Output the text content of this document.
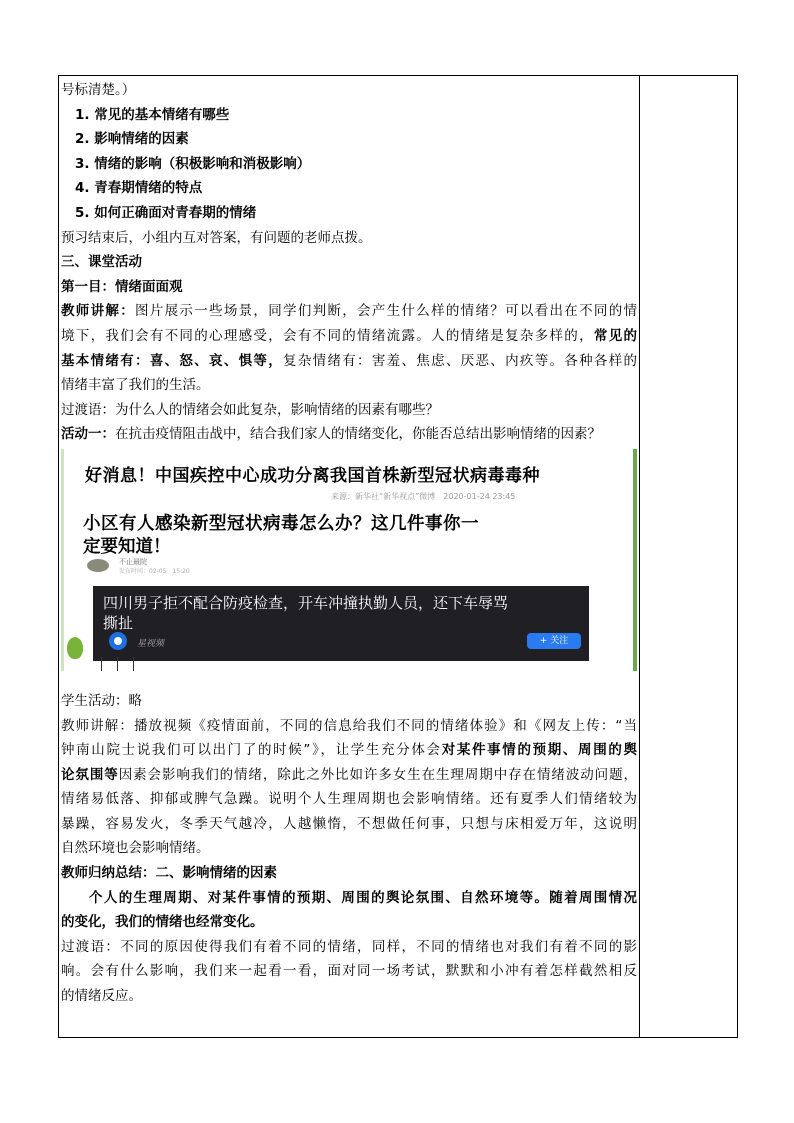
号标清楚。）
1. 常见的基本情绪有哪些
2. 影响情绪的因素
3. 情绪的影响（积极影响和消极影响）
4. 青春期情绪的特点
5. 如何正确面对青春期的情绪
预习结束后，小组内互对答案，有问题的老师点拨。
三、课堂活动
第一目：情绪面面观
教师讲解：图片展示一些场景，同学们判断，会产生什么样的情绪？可以看出在不同的情
境下，我们会有不同的心理感受，会有不同的情绪流露。人的情绪是复杂多样的，常见的
基本情绪有：喜、怒、哀、惧等，复杂情绪有：害羞、焦虑、厌恶、内疚等。各种各样的
情绪丰富了我们的生活。
过渡语：为什么人的情绪会如此复杂，影响情绪的因素有哪些？
活动一：在抗击疫情阻击战中，结合我们家人的情绪变化，你能否总结出影响情绪的因素？
好消息！中国疾控中心成功分离我国首株新型冠状病毒毒种
来源：新华社“新华视点”微博　2020-01-24 23:45
小区有人感染新型冠状病毒怎么办？这几件事你一
定要知道！
不止最院
发布时间：02-05　15:20
四川男子拒不配合防疫检查，开车冲撞执勤人员，还下车辱骂
撕扯
星视频	+ 关注
学生活动：略
教师讲解：播放视频《疫情面前，不同的信息给我们不同的情绪体验》和《网友上传：“当
钟南山院士说我们可以出门了的时候”》，让学生充分体会对某件事情的预期、周围的舆
论氛围等因素会影响我们的情绪，除此之外比如许多女生在生理周期中存在情绪波动问题，
情绪易低落、抑郁或脾气急躁。说明个人生理周期也会影响情绪。还有夏季人们情绪较为
暴躁，容易发火，冬季天气越冷，人越懒惰，不想做任何事，只想与床相爱万年，这说明
自然环境也会影响情绪。
教师归纳总结：二、影响情绪的因素
个人的生理周期、对某件事情的预期、周围的舆论氛围、自然环境等。随着周围情况
的变化，我们的情绪也经常变化。
过渡语：不同的原因使得我们有着不同的情绪，同样，不同的情绪也对我们有着不同的影
响。会有什么影响，我们来一起看一看，面对同一场考试，默默和小冲有着怎样截然相反
的情绪反应。
